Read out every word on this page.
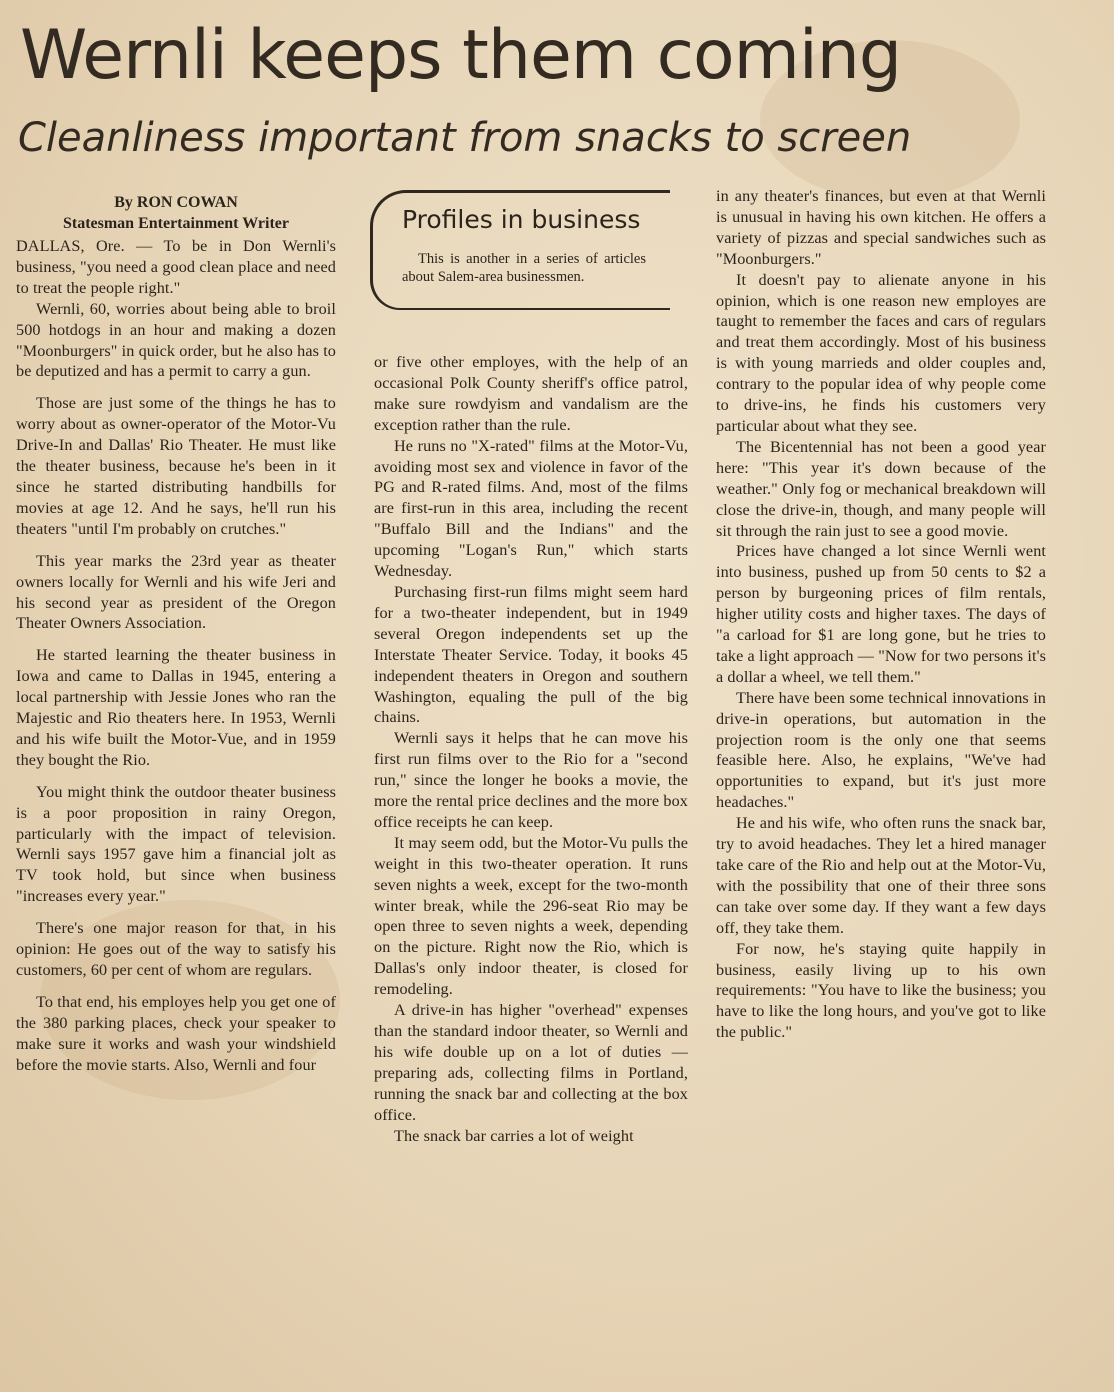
Wernli keeps them coming
Cleanliness important from snacks to screen
By RON COWAN
Statesman Entertainment Writer	Profiles in business
This is another in a series of articles about Salem-area businessmen.

DALLAS, Ore. — To be in Don Wernli's business, "you need a good clean place and need to treat the people right."

Wernli, 60, worries about being able to broil 500 hotdogs in an hour and making a dozen "Moonburgers" in quick order, but he also has to be deputized and has a permit to carry a gun.

Those are just some of the things he has to worry about as owner-operator of the Motor-Vu Drive-In and Dallas' Rio Theater. He must like the theater business, because he's been in it since he started distributing handbills for movies at age 12. And he says, he'll run his theaters "until I'm probably on crutches."

This year marks the 23rd year as theater owners locally for Wernli and his wife Jeri and his second year as president of the Oregon Theater Owners Association.

He started learning the theater business in Iowa and came to Dallas in 1945, entering a local partnership with Jessie Jones who ran the Majestic and Rio theaters here. In 1953, Wernli and his wife built the Motor-Vue, and in 1959 they bought the Rio.

You might think the outdoor theater business is a poor proposition in rainy Oregon, particularly with the impact of television. Wernli says 1957 gave him a financial jolt as TV took hold, but since when business "increases every year."

There's one major reason for that, in his opinion: He goes out of the way to satisfy his customers, 60 per cent of whom are regulars.

To that end, his employes help you get one of the 380 parking places, check your speaker to make sure it works and wash your windshield before the movie starts. Also, Wernli and four

or five other employes, with the help of an occasional Polk County sheriff's office patrol, make sure rowdyism and vandalism are the exception rather than the rule.

He runs no "X-rated" films at the Motor-Vu, avoiding most sex and violence in favor of the PG and R-rated films. And, most of the films are first-run in this area, including the recent "Buffalo Bill and the Indians" and the upcoming "Logan's Run," which starts Wednesday.

Purchasing first-run films might seem hard for a two-theater independent, but in 1949 several Oregon independents set up the Interstate Theater Service. Today, it books 45 independent theaters in Oregon and southern Washington, equaling the pull of the big chains.

Wernli says it helps that he can move his first run films over to the Rio for a "second run," since the longer he books a movie, the more the rental price declines and the more box office receipts he can keep.

It may seem odd, but the Motor-Vu pulls the weight in this two-theater operation. It runs seven nights a week, except for the two-month winter break, while the 296-seat Rio may be open three to seven nights a week, depending on the picture. Right now the Rio, which is Dallas's only indoor theater, is closed for remodeling.

A drive-in has higher "overhead" expenses than the standard indoor theater, so Wernli and his wife double up on a lot of duties — preparing ads, collecting films in Portland, running the snack bar and collecting at the box office.

The snack bar carries a lot of weight

in any theater's finances, but even at that Wernli is unusual in having his own kitchen. He offers a variety of pizzas and special sandwiches such as "Moonburgers."

It doesn't pay to alienate anyone in his opinion, which is one reason new employes are taught to remember the faces and cars of regulars and treat them accordingly. Most of his business is with young marrieds and older couples and, contrary to the popular idea of why people come to drive-ins, he finds his customers very particular about what they see.

The Bicentennial has not been a good year here: "This year it's down because of the weather." Only fog or mechanical breakdown will close the drive-in, though, and many people will sit through the rain just to see a good movie.

Prices have changed a lot since Wernli went into business, pushed up from 50 cents to $2 a person by burgeoning prices of film rentals, higher utility costs and higher taxes. The days of "a carload for $1 are long gone, but he tries to take a light approach — "Now for two persons it's a dollar a wheel, we tell them."

There have been some technical innovations in drive-in operations, but automation in the projection room is the only one that seems feasible here. Also, he explains, "We've had opportunities to expand, but it's just more headaches."

He and his wife, who often runs the snack bar, try to avoid headaches. They let a hired manager take care of the Rio and help out at the Motor-Vu, with the possibility that one of their three sons can take over some day. If they want a few days off, they take them.

For now, he's staying quite happily in business, easily living up to his own requirements: "You have to like the business; you have to like the long hours, and you've got to like the public."
